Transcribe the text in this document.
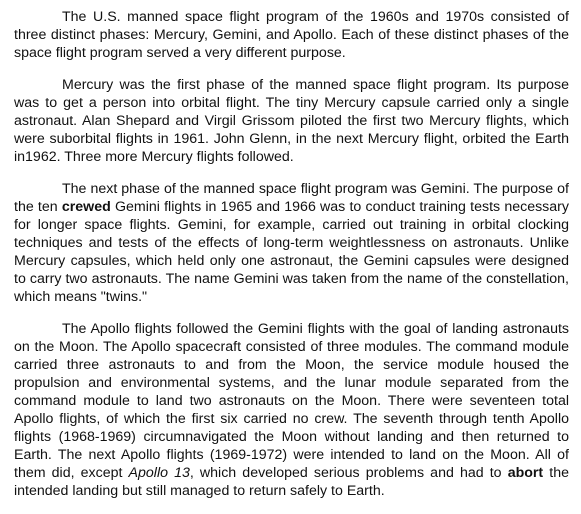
The U.S. manned space flight program of the 1960s and 1970s consisted of three distinct phases: Mercury, Gemini, and Apollo. Each of these distinct phases of the space flight program served a very different purpose.

Mercury was the first phase of the manned space flight program. Its purpose was to get a person into orbital flight. The tiny Mercury capsule carried only a single astronaut. Alan Shepard and Virgil Grissom piloted the first two Mercury flights, which were suborbital flights in 1961. John Glenn, in the next Mercury flight, orbited the Earth in1962. Three more Mercury flights followed.

The next phase of the manned space flight program was Gemini. The purpose of the ten crewed Gemini flights in 1965 and 1966 was to conduct training tests necessary for longer space flights. Gemini, for example, carried out training in orbital clocking techniques and tests of the effects of long-term weightlessness on astronauts. Unlike Mercury capsules, which held only one astronaut, the Gemini capsules were designed to carry two astronauts. The name Gemini was taken from the name of the constellation, which means "twins."

The Apollo flights followed the Gemini flights with the goal of landing astronauts on the Moon. The Apollo spacecraft consisted of three modules. The command module carried three astronauts to and from the Moon, the service module housed the propulsion and environmental systems, and the lunar module separated from the command module to land two astronauts on the Moon. There were seventeen total Apollo flights, of which the first six carried no crew. The seventh through tenth Apollo flights (1968-1969) circumnavigated the Moon without landing and then returned to Earth. The next Apollo flights (1969-1972) were intended to land on the Moon. All of them did, except Apollo 13, which developed serious problems and had to abort the intended landing but still managed to return safely to Earth.
